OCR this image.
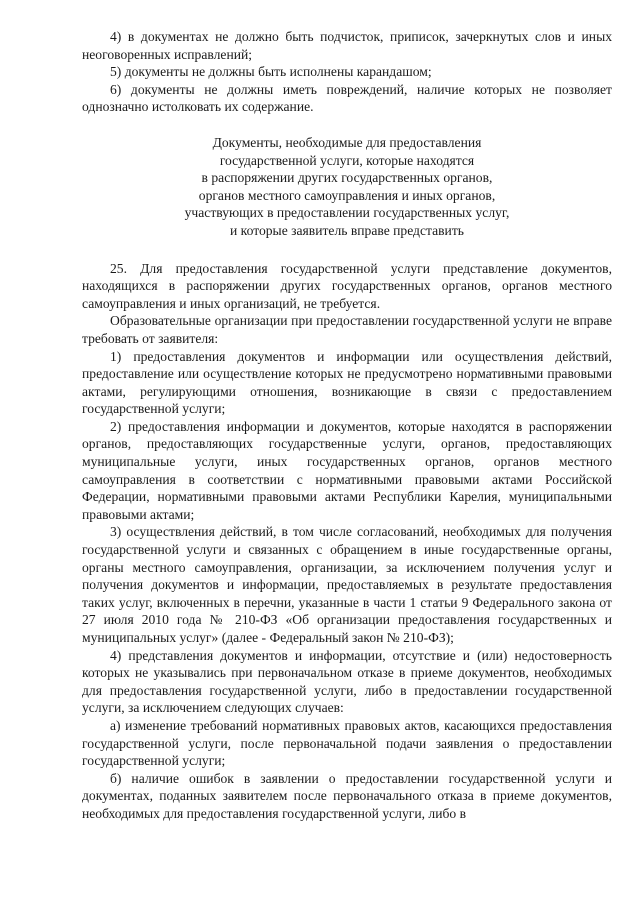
4) в документах не должно быть подчисток, приписок, зачеркнутых слов и иных неоговоренных исправлений;

5) документы не должны быть исполнены карандашом;

6) документы не должны иметь повреждений, наличие которых не позволяет однозначно истолковать их содержание.

Документы, необходимые для предоставления
государственной услуги, которые находятся
в распоряжении других государственных органов,
органов местного самоуправления и иных органов,
участвующих в предоставлении государственных услуг,
и которые заявитель вправе представить

25. Для предоставления государственной услуги представление документов, находящихся в распоряжении других государственных органов, органов местного самоуправления и иных организаций, не требуется.

Образовательные организации при предоставлении государственной услуги не вправе требовать от заявителя:

1) предоставления документов и информации или осуществления действий, предоставление или осуществление которых не предусмотрено нормативными правовыми актами, регулирующими отношения, возникающие в связи с предоставлением государственной услуги;

2) предоставления информации и документов, которые находятся в распоряжении органов, предоставляющих государственные услуги, органов, предоставляющих муниципальные услуги, иных государственных органов, органов местного самоуправления в соответствии с нормативными правовыми актами Российской Федерации, нормативными правовыми актами Республики Карелия, муниципальными правовыми актами;

3) осуществления действий, в том числе согласований, необходимых для получения государственной услуги и связанных с обращением в иные государственные органы, органы местного самоуправления, организации, за исключением получения услуг и получения документов и информации, предоставляемых в результате предоставления таких услуг, включенных в перечни, указанные в части 1 статьи 9 Федерального закона от 27 июля 2010 года № 210-ФЗ «Об организации предоставления государственных и муниципальных услуг» (далее - Федеральный закон № 210-ФЗ);

4) представления документов и информации, отсутствие и (или) недостоверность которых не указывались при первоначальном отказе в приеме документов, необходимых для предоставления государственной услуги, либо в предоставлении государственной услуги, за исключением следующих случаев:

а) изменение требований нормативных правовых актов, касающихся предоставления государственной услуги, после первоначальной подачи заявления о предоставлении государственной услуги;

б) наличие ошибок в заявлении о предоставлении государственной услуги и документах, поданных заявителем после первоначального отказа в приеме документов, необходимых для предоставления государственной услуги, либо в
